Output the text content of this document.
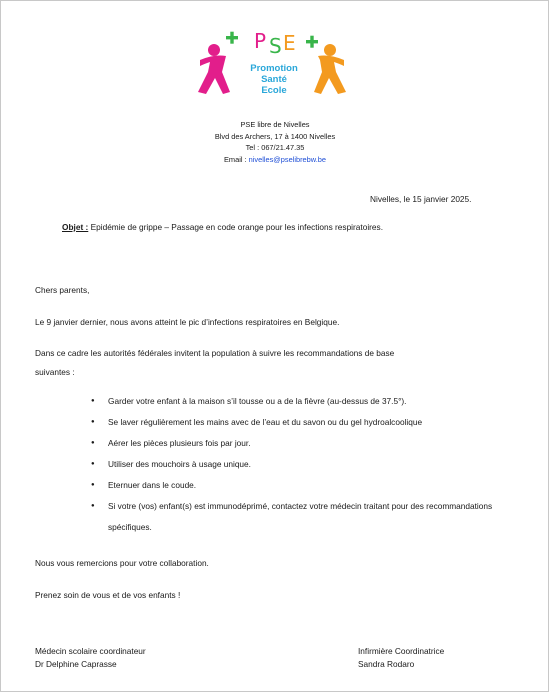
P S E
Promotion
Santé
Ecole
PSE libre de Nivelles
Blvd des Archers, 17 à 1400 Nivelles
Tel : 067/21.47.35
Email : nivelles@pselibrebw.be
Nivelles, le 15 janvier 2025.
Objet : Epidémie de grippe – Passage en code orange pour les infections respiratoires.
Chers parents,
Le 9 janvier dernier, nous avons atteint le pic d’infections respiratoires en Belgique.
Dans ce cadre les autorités fédérales invitent la population à suivre les recommandations de base
suivantes :
● Garder votre enfant à la maison s’il tousse ou a de la fièvre (au-dessus de 37.5°).
● Se laver régulièrement les mains avec de l’eau et du savon ou du gel hydroalcoolique
● Aérer les pièces plusieurs fois par jour.
● Utiliser des mouchoirs à usage unique.
● Eternuer dans le coude.
● Si votre (vos) enfant(s) est immunodéprimé, contactez votre médecin traitant pour des recommandations spécifiques.
Nous vous remercions pour votre collaboration.
Prenez soin de vous et de vos enfants !
Médecin scolaire coordinateur
Dr Delphine Caprasse
Infirmière Coordinatrice
Sandra Rodaro
